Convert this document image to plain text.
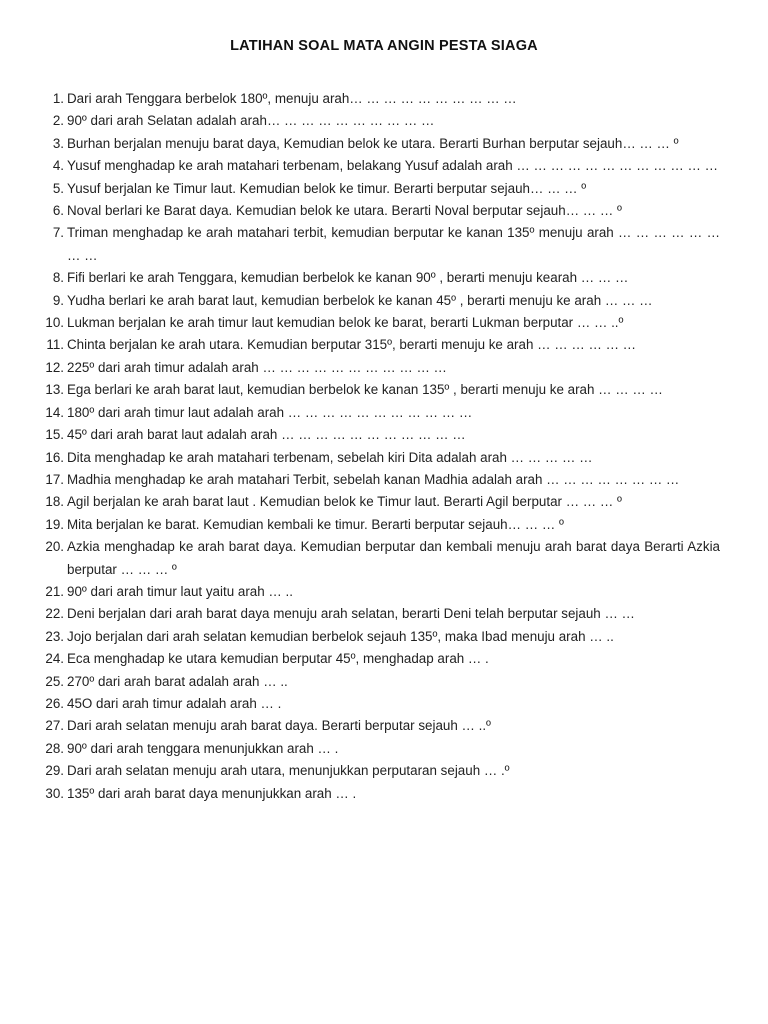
LATIHAN SOAL MATA ANGIN PESTA SIAGA
1. Dari arah Tenggara berbelok 180º, menuju arah… … … … … … … … … …
2. 90º dari arah Selatan adalah arah… … … … … … … … … …
3. Burhan berjalan menuju barat daya, Kemudian belok ke utara. Berarti Burhan berputar sejauh… … … º
4. Yusuf menghadap ke arah matahari terbenam, belakang Yusuf adalah arah … … … … … … … … … … … …
5. Yusuf berjalan ke Timur laut. Kemudian belok ke timur. Berarti berputar sejauh… … … º
6. Noval berlari ke Barat daya. Kemudian belok ke utara. Berarti Noval berputar sejauh… … … º
7. Triman menghadap ke arah matahari terbit, kemudian berputar ke kanan 135º menuju arah … … … … … … … …
8. Fifi berlari ke arah Tenggara, kemudian berbelok ke kanan 90º , berarti menuju kearah … … …
9. Yudha berlari ke arah barat laut, kemudian berbelok ke kanan 45º , berarti menuju ke arah … … …
10. Lukman berjalan ke arah timur laut kemudian belok ke barat, berarti Lukman berputar … … ..º
11. Chinta berjalan ke arah utara. Kemudian berputar 315º, berarti menuju ke arah … … … … … …
12. 225º dari arah timur adalah arah … … … … … … … … … … …
13. Ega berlari ke arah barat laut, kemudian berbelok ke kanan 135º , berarti menuju ke arah … … … …
14. 180º dari arah timur laut adalah arah … … … … … … … … … … …
15. 45º dari arah barat laut adalah arah … … … … … … … … … … …
16. Dita menghadap ke arah matahari terbenam, sebelah kiri Dita adalah arah … … … … …
17. Madhia menghadap ke arah matahari Terbit, sebelah kanan Madhia adalah arah … … … … … … … …
18. Agil berjalan ke arah barat laut . Kemudian belok ke Timur laut. Berarti Agil berputar … … … º
19. Mita berjalan ke barat. Kemudian kembali ke timur. Berarti berputar sejauh… … … º
20. Azkia menghadap ke arah barat daya. Kemudian berputar dan kembali menuju arah barat daya Berarti Azkia berputar … … … º
21. 90º dari arah timur laut yaitu arah … ..
22. Deni berjalan dari arah barat daya menuju arah selatan, berarti Deni telah berputar sejauh … …
23. Jojo berjalan dari arah selatan kemudian berbelok sejauh 135º, maka Ibad menuju arah … ..
24. Eca menghadap ke utara kemudian berputar 45º, menghadap arah … .
25. 270º dari arah barat adalah arah … ..
26. 45O dari arah timur adalah arah … .
27. Dari arah selatan menuju arah barat daya. Berarti berputar sejauh … ..º
28. 90º dari arah tenggara menunjukkan arah … .
29. Dari arah selatan menuju arah utara, menunjukkan perputaran sejauh … .º
30. 135º dari arah barat daya menunjukkan arah … .
